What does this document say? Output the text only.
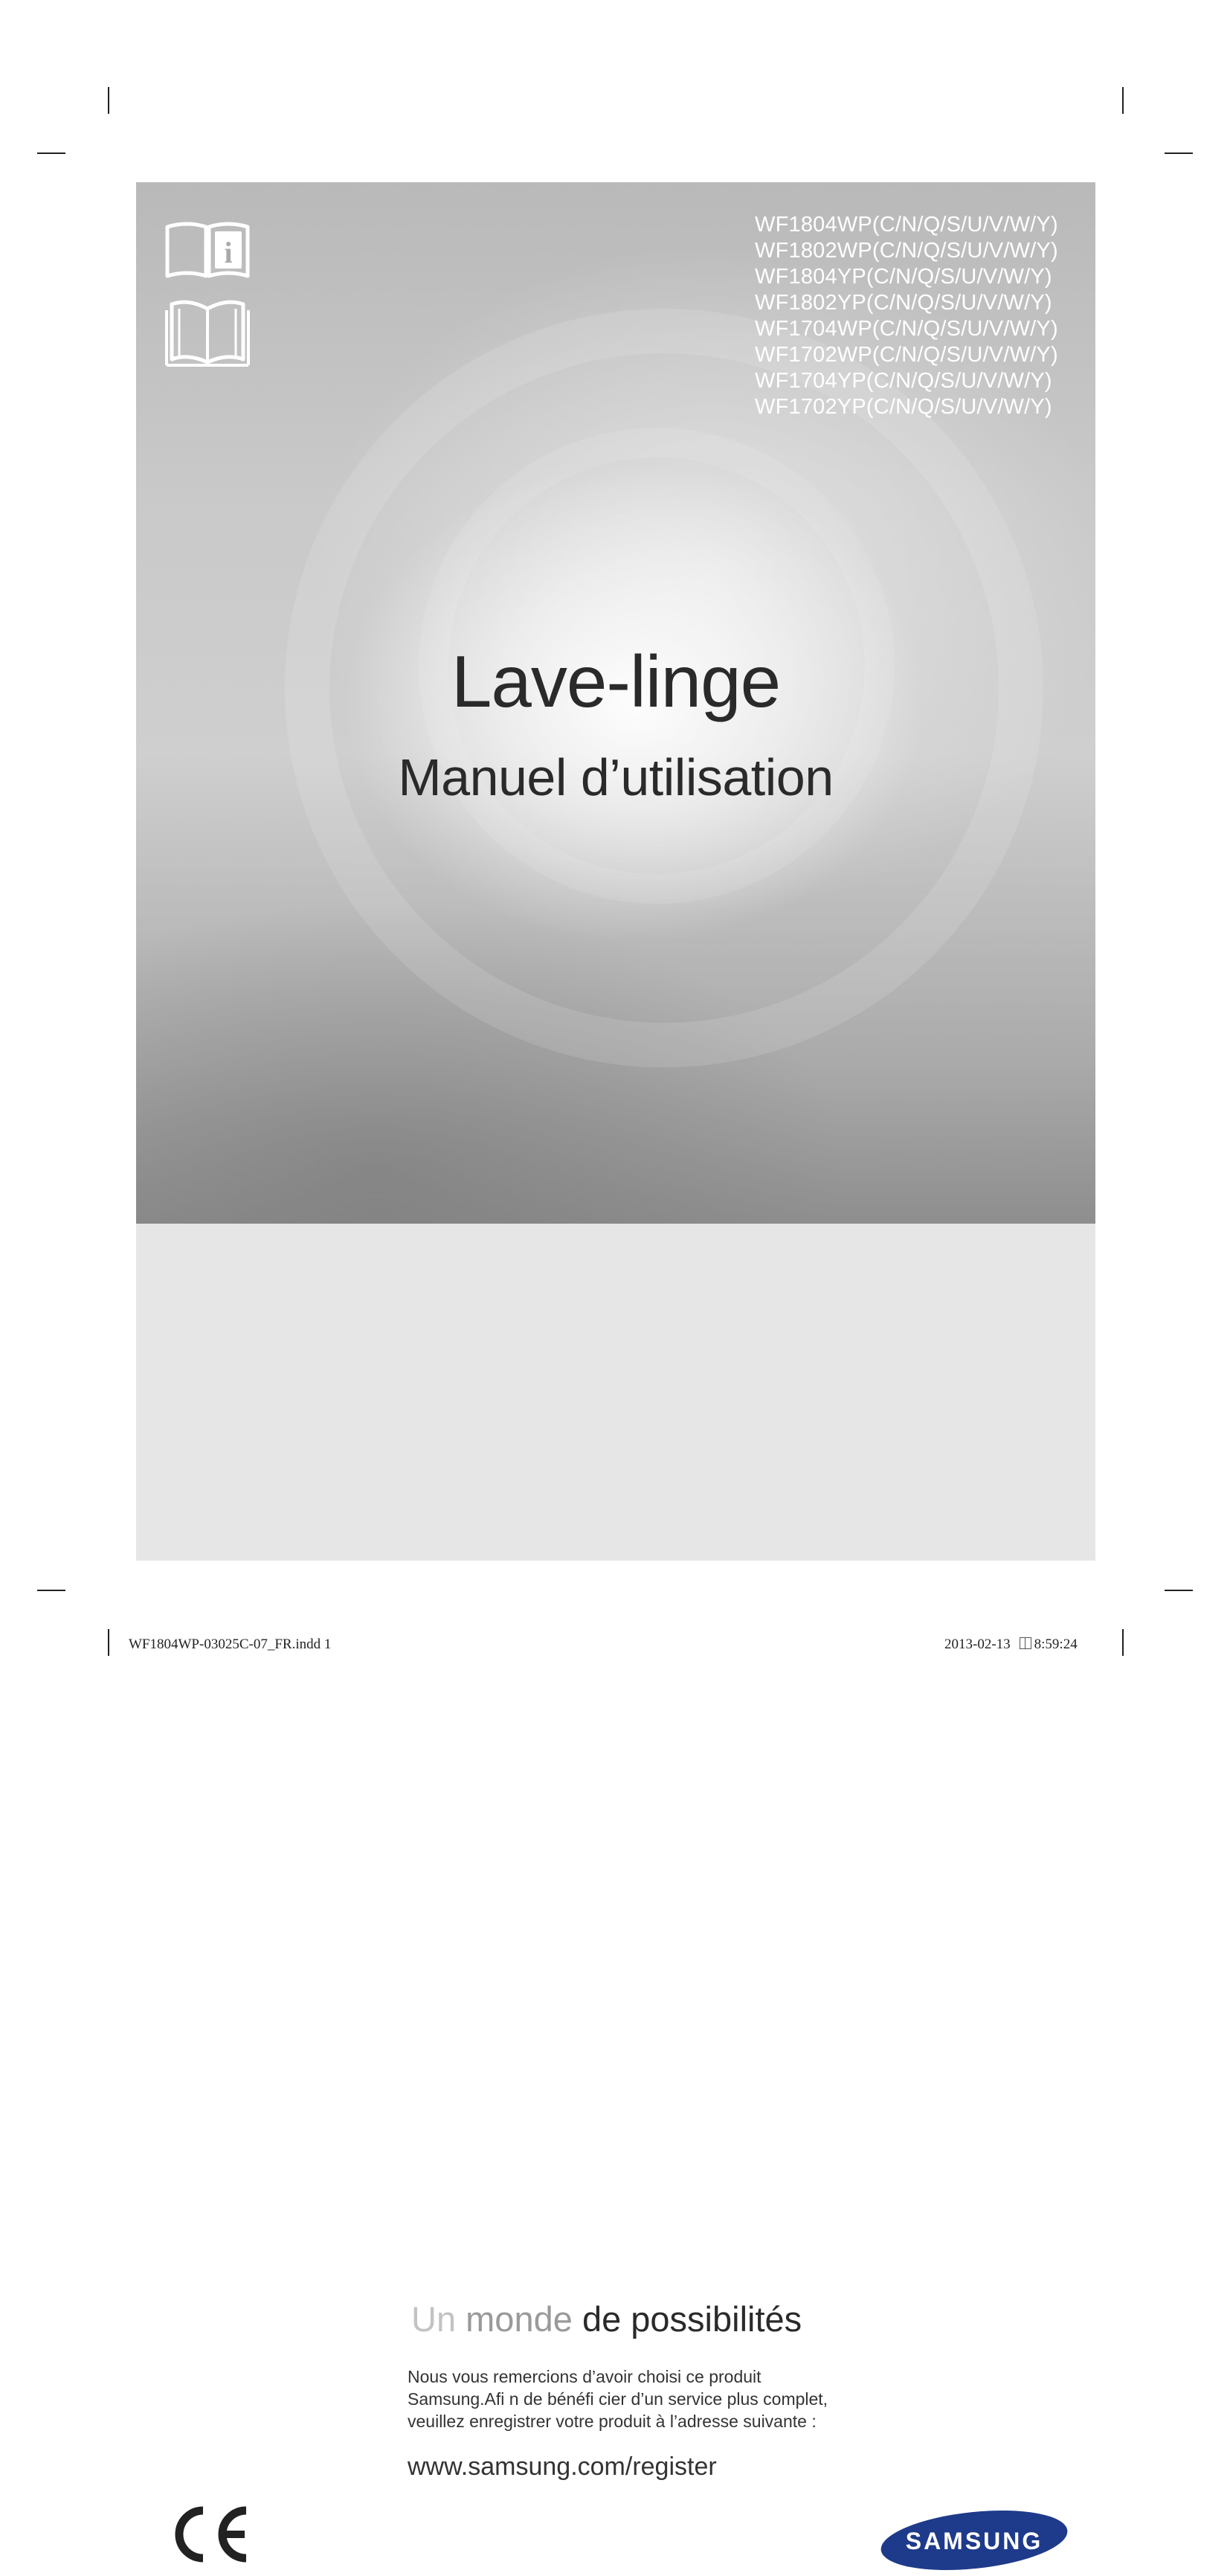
i
WF1804WP(C/N/Q/S/U/V/W/Y)
WF1802WP(C/N/Q/S/U/V/W/Y)
WF1804YP(C/N/Q/S/U/V/W/Y)
WF1802YP(C/N/Q/S/U/V/W/Y)
WF1704WP(C/N/Q/S/U/V/W/Y)
WF1702WP(C/N/Q/S/U/V/W/Y)
WF1704YP(C/N/Q/S/U/V/W/Y)
WF1702YP(C/N/Q/S/U/V/W/Y)
Lave-linge
Manuel d’utilisation
Un monde de possibilités
Nous vous remercions d’avoir choisi ce produit
Samsung.Afi n de bénéfi cier d’un service plus complet,
veuillez enregistrer votre produit à l’adresse suivante :
www.samsung.com/register
SAMSUNG
WF1804WP-03025C-07_FR.indd 1	2013-02-13 8:59:24
